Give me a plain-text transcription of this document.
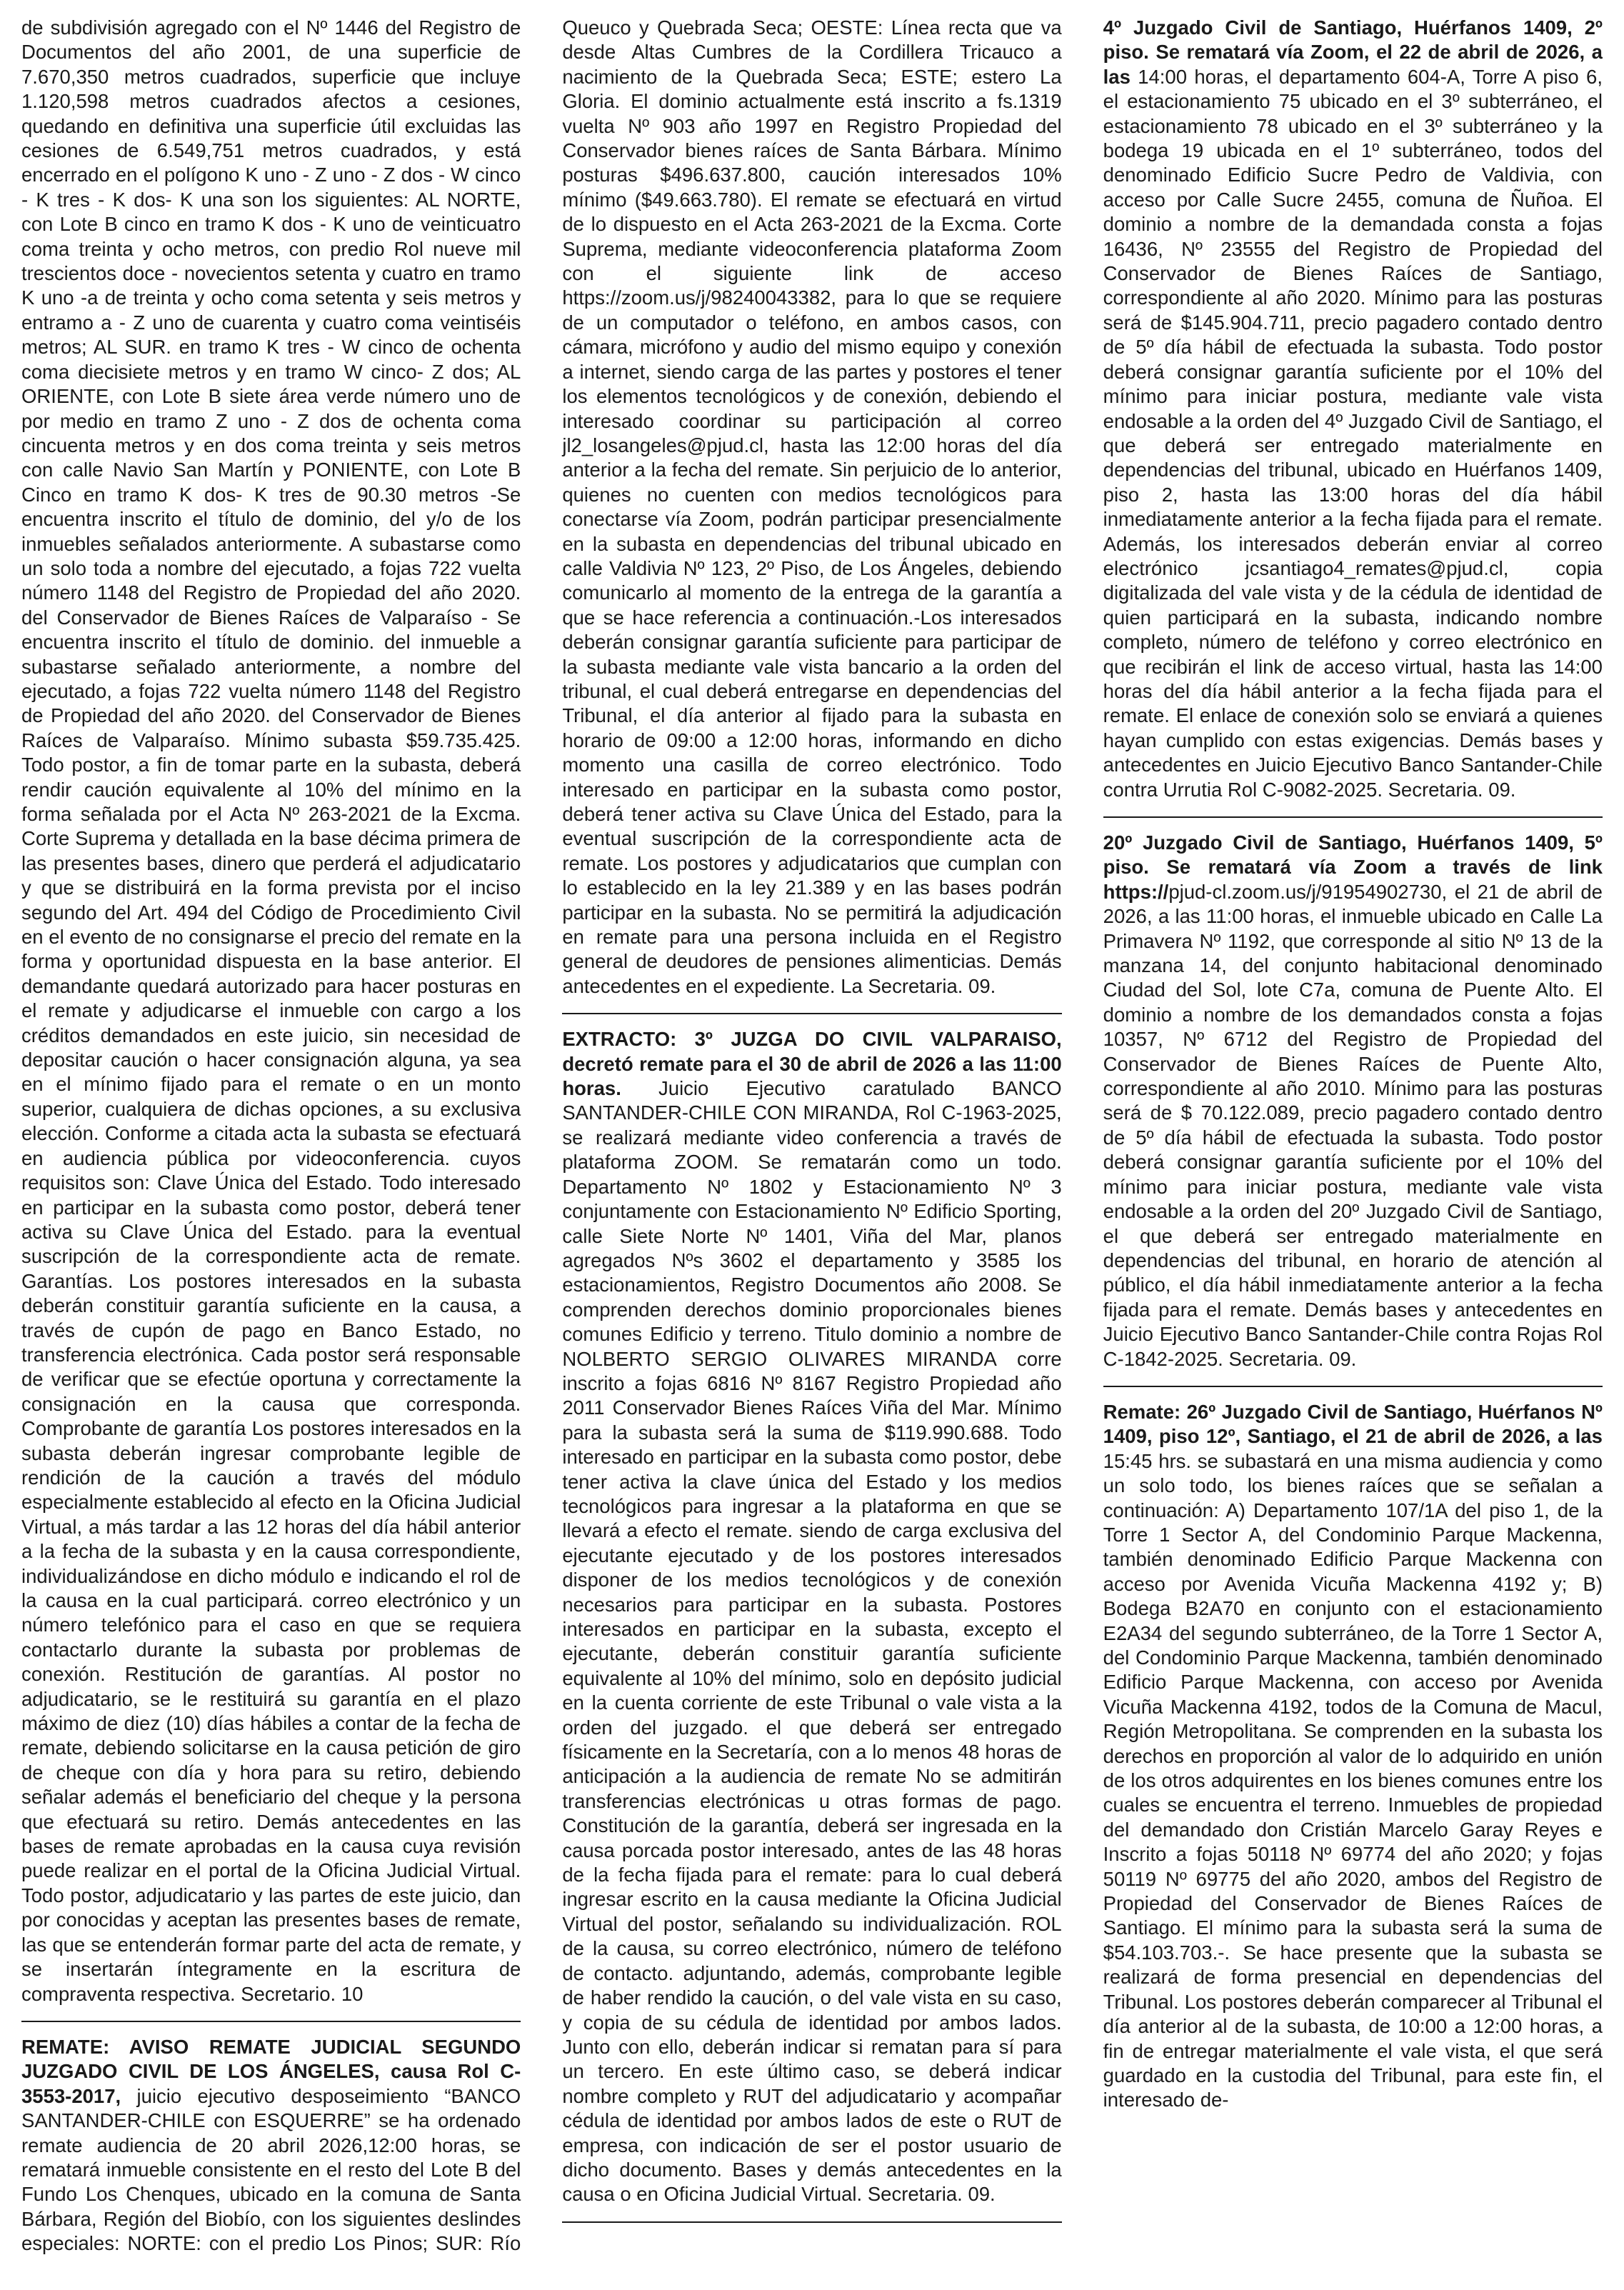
de subdivisión agregado con el Nº 1446 del Registro de Documentos del año 2001, de una superficie de 7.670,350 metros cuadrados, superficie que incluye 1.120,598 metros cuadrados afectos a cesiones, quedando en definitiva una superficie útil excluidas las cesiones de 6.549,751 metros cuadrados, y está encerrado en el polígono K uno - Z uno - Z dos - W cinco - K tres - K dos- K una son los siguientes: AL NORTE, con Lote B cinco en tramo K dos - K uno de veinticuatro coma treinta y ocho metros, con predio Rol nueve mil trescientos doce - novecientos setenta y cuatro en tramo K uno -a de treinta y ocho coma setenta y seis metros y entramo a - Z uno de cuarenta y cuatro coma veintiséis metros; AL SUR. en tramo K tres - W cinco de ochenta coma diecisiete metros y en tramo W cinco- Z dos; AL ORIENTE, con Lote B siete área verde número uno de por medio en tramo Z uno - Z dos de ochenta coma cincuenta metros y en dos coma treinta y seis metros con calle Navio San Martín y PONIENTE, con Lote B Cinco en tramo K dos- K tres de 90.30 metros -Se encuentra inscrito el título de dominio, del y/o de los inmuebles señalados anteriormente. A subastarse como un solo toda a nombre del ejecutado, a fojas 722 vuelta número 1148 del Registro de Propiedad del año 2020. del Conservador de Bienes Raíces de Valparaíso - Se encuentra inscrito el título de dominio. del inmueble a subastarse señalado anteriormente, a nombre del ejecutado, a fojas 722 vuelta número 1148 del Registro de Propiedad del año 2020. del Conservador de Bienes Raíces de Valparaíso. Mínimo subasta $59.735.425. Todo postor, a fin de tomar parte en la subasta, deberá rendir caución equivalente al 10% del mínimo en la forma señalada por el Acta Nº 263-2021 de la Excma. Corte Suprema y detallada en la base décima primera de las presentes bases, dinero que perderá el adjudicatario y que se distribuirá en la forma prevista por el inciso segundo del Art. 494 del Código de Procedimiento Civil en el evento de no consignarse el precio del remate en la forma y oportunidad dispuesta en la base anterior. El demandante quedará autorizado para hacer posturas en el remate y adjudicarse el inmueble con cargo a los créditos demandados en este juicio, sin necesidad de depositar caución o hacer consignación alguna, ya sea en el mínimo fijado para el remate o en un monto superior, cualquiera de dichas opciones, a su exclusiva elección. Conforme a citada acta la subasta se efectuará en audiencia pública por videoconferencia. cuyos requisitos son: Clave Única del Estado. Todo interesado en participar en la subasta como postor, deberá tener activa su Clave Única del Estado. para la eventual suscripción de la correspondiente acta de remate. Garantías. Los postores interesados en la subasta deberán constituir garantía suficiente en la causa, a través de cupón de pago en Banco Estado, no transferencia electrónica. Cada postor será responsable de verificar que se efectúe oportuna y correctamente la consignación en la causa que corresponda. Comprobante de garantía Los postores interesados en la subasta deberán ingresar comprobante legible de rendición de la caución a través del módulo especialmente establecido al efecto en la Oficina Judicial Virtual, a más tardar a las 12 horas del día hábil anterior a la fecha de la subasta y en la causa correspondiente, individualizándose en dicho módulo e indicando el rol de la causa en la cual participará. correo electrónico y un número telefónico para el caso en que se requiera contactarlo durante la subasta por problemas de conexión. Restitución de garantías. Al postor no adjudicatario, se le restituirá su garantía en el plazo máximo de diez (10) días hábiles a contar de la fecha de remate, debiendo solicitarse en la causa petición de giro de cheque con día y hora para su retiro, debiendo señalar además el beneficiario del cheque y la persona que efectuará su retiro. Demás antecedentes en las bases de remate aprobadas en la causa cuya revisión puede realizar en el portal de la Oficina Judicial Virtual. Todo postor, adjudicatario y las partes de este juicio, dan por conocidas y aceptan las presentes bases de remate, las que se entenderán formar parte del acta de remate, y se insertarán íntegramente en la escritura de compraventa respectiva. Secretario. 10

REMATE: AVISO REMATE JUDICIAL SEGUNDO JUZGADO CIVIL DE LOS ÁNGELES, causa Rol C-3553-2017, juicio ejecutivo desposeimiento “BANCO SANTANDER-CHILE con ESQUERRE” se ha ordenado remate audiencia de 20 abril 2026,12:00 horas, se rematará inmueble consistente en el resto del Lote B del Fundo Los Chenques, ubicado en la comuna de Santa Bárbara, Región del Biobío, con los siguientes deslindes especiales: NORTE: con el predio Los Pinos; SUR: Río Queuco y Quebrada Seca; OESTE: Línea recta que va desde Altas Cumbres de la Cordillera Tricauco a nacimiento de la Quebrada Seca; ESTE; estero La Gloria. El dominio actualmente está inscrito a fs.1319 vuelta Nº 903 año 1997 en Registro Propiedad del Conservador bienes raíces de Santa Bárbara. Mínimo posturas $496.637.800, caución interesados 10% mínimo ($49.663.780). El remate se efectuará en virtud de lo dispuesto en el Acta 263-2021 de la Excma. Corte Suprema, mediante videoconferencia plataforma Zoom con el siguiente link de acceso https://zoom.us/j/98240043382, para lo que se requiere de un computador o teléfono, en ambos casos, con cámara, micrófono y audio del mismo equipo y conexión a internet, siendo carga de las partes y postores el tener los elementos tecnológicos y de conexión, debiendo el interesado coordinar su participación al correo jl2_losangeles@pjud.cl, hasta las 12:00 horas del día anterior a la fecha del remate. Sin perjuicio de lo anterior, quienes no cuenten con medios tecnológicos para conectarse vía Zoom, podrán participar presencialmente en la subasta en dependencias del tribunal ubicado en calle Valdivia Nº 123, 2º Piso, de Los Ángeles, debiendo comunicarlo al momento de la entrega de la garantía a que se hace referencia a continuación.-Los interesados deberán consignar garantía suficiente para participar de la subasta mediante vale vista bancario a la orden del tribunal, el cual deberá entregarse en dependencias del Tribunal, el día anterior al fijado para la subasta en horario de 09:00 a 12:00 horas, informando en dicho momento una casilla de correo electrónico. Todo interesado en participar en la subasta como postor, deberá tener activa su Clave Única del Estado, para la eventual suscripción de la correspondiente acta de remate. Los postores y adjudicatarios que cumplan con lo establecido en la ley 21.389 y en las bases podrán participar en la subasta. No se permitirá la adjudicación en remate para una persona incluida en el Registro general de deudores de pensiones alimenticias. Demás antecedentes en el expediente. La Secretaria. 09.

EXTRACTO: 3º JUZGA DO CIVIL VALPARAISO, decretó remate para el 30 de abril de 2026 a las 11:00 horas. Juicio Ejecutivo caratulado BANCO SANTANDER-CHILE CON MIRANDA, Rol C-1963-2025, se realizará mediante video conferencia a través de plataforma ZOOM. Se rematarán como un todo. Departamento Nº 1802 y Estacionamiento Nº 3 conjuntamente con Estacionamiento Nº Edificio Sporting, calle Siete Norte Nº 1401, Viña del Mar, planos agregados Nºs 3602 el departamento y 3585 los estacionamientos, Registro Documentos año 2008. Se comprenden derechos dominio proporcionales bienes comunes Edificio y terreno. Titulo dominio a nombre de NOLBERTO SERGIO OLIVARES MIRANDA corre inscrito a fojas 6816 Nº 8167 Registro Propiedad año 2011 Conservador Bienes Raíces Viña del Mar. Mínimo para la subasta será la suma de $119.990.688. Todo interesado en participar en la subasta como postor, debe tener activa la clave única del Estado y los medios tecnológicos para ingresar a la plataforma en que se llevará a efecto el remate. siendo de carga exclusiva del ejecutante ejecutado y de los postores interesados disponer de los medios tecnológicos y de conexión necesarios para participar en la subasta. Postores interesados en participar en la subasta, excepto el ejecutante, deberán constituir garantía suficiente equivalente al 10% del mínimo, solo en depósito judicial en la cuenta corriente de este Tribunal o vale vista a la orden del juzgado. el que deberá ser entregado físicamente en la Secretaría, con a lo menos 48 horas de anticipación a la audiencia de remate No se admitirán transferencias electrónicas u otras formas de pago. Constitución de la garantía, deberá ser ingresada en la causa porcada postor interesado, antes de las 48 horas de la fecha fijada para el remate: para lo cual deberá ingresar escrito en la causa mediante la Oficina Judicial Virtual del postor, señalando su individualización. ROL de la causa, su correo electrónico, número de teléfono de contacto. adjuntando, además, comprobante legible de haber rendido la caución, o del vale vista en su caso, y copia de su cédula de identidad por ambos lados. Junto con ello, deberán indicar si rematan para sí para un tercero. En este último caso, se deberá indicar nombre completo y RUT del adjudicatario y acompañar cédula de identidad por ambos lados de este o RUT de empresa, con indicación de ser el postor usuario de dicho documento. Bases y demás antecedentes en la causa o en Oficina Judicial Virtual. Secretaria. 09.

4º Juzgado Civil de Santiago, Huérfanos 1409, 2º piso. Se rematará vía Zoom, el 22 de abril de 2026, a las 14:00 horas, el departamento 604-A, Torre A piso 6, el estacionamiento 75 ubicado en el 3º subterráneo, el estacionamiento 78 ubicado en el 3º subterráneo y la bodega 19 ubicada en el 1º subterráneo, todos del denominado Edificio Sucre Pedro de Valdivia, con acceso por Calle Sucre 2455, comuna de Ñuñoa. El dominio a nombre de la demandada consta a fojas 16436, Nº 23555 del Registro de Propiedad del Conservador de Bienes Raíces de Santiago, correspondiente al año 2020. Mínimo para las posturas será de $145.904.711, precio pagadero contado dentro de 5º día hábil de efectuada la subasta. Todo postor deberá consignar garantía suficiente por el 10% del mínimo para iniciar postura, mediante vale vista endosable a la orden del 4º Juzgado Civil de Santiago, el que deberá ser entregado materialmente en dependencias del tribunal, ubicado en Huérfanos 1409, piso 2, hasta las 13:00 horas del día hábil inmediatamente anterior a la fecha fijada para el remate. Además, los interesados deberán enviar al correo electrónico jcsantiago4_remates@pjud.cl, copia digitalizada del vale vista y de la cédula de identidad de quien participará en la subasta, indicando nombre completo, número de teléfono y correo electrónico en que recibirán el link de acceso virtual, hasta las 14:00 horas del día hábil anterior a la fecha fijada para el remate. El enlace de conexión solo se enviará a quienes hayan cumplido con estas exigencias. Demás bases y antecedentes en Juicio Ejecutivo Banco Santander-Chile contra Urrutia Rol C-9082-2025. Secretaria. 09.

20º Juzgado Civil de Santiago, Huérfanos 1409, 5º piso. Se rematará vía Zoom a través de link https://pjud-cl.zoom.us/j/91954902730, el 21 de abril de 2026, a las 11:00 horas, el inmueble ubicado en Calle La Primavera Nº 1192, que corresponde al sitio Nº 13 de la manzana 14, del conjunto habitacional denominado Ciudad del Sol, lote C7a, comuna de Puente Alto. El dominio a nombre de los demandados consta a fojas 10357, Nº 6712 del Registro de Propiedad del Conservador de Bienes Raíces de Puente Alto, correspondiente al año 2010. Mínimo para las posturas será de $ 70.122.089, precio pagadero contado dentro de 5º día hábil de efectuada la subasta. Todo postor deberá consignar garantía suficiente por el 10% del mínimo para iniciar postura, mediante vale vista endosable a la orden del 20º Juzgado Civil de Santiago, el que deberá ser entregado materialmente en dependencias del tribunal, en horario de atención al público, el día hábil inmediatamente anterior a la fecha fijada para el remate. Demás bases y antecedentes en Juicio Ejecutivo Banco Santander-Chile contra Rojas Rol C-1842-2025. Secretaria. 09.

Remate: 26º Juzgado Civil de Santiago, Huérfanos Nº 1409, piso 12º, Santiago, el 21 de abril de 2026, a las 15:45 hrs. se subastará en una misma audiencia y como un solo todo, los bienes raíces que se señalan a continuación: A) Departamento 107/1A del piso 1, de la Torre 1 Sector A, del Condominio Parque Mackenna, también denominado Edificio Parque Mackenna con acceso por Avenida Vicuña Mackenna 4192 y; B) Bodega B2A70 en conjunto con el estacionamiento E2A34 del segundo subterráneo, de la Torre 1 Sector A, del Condominio Parque Mackenna, también denominado Edificio Parque Mackenna, con acceso por Avenida Vicuña Mackenna 4192, todos de la Comuna de Macul, Región Metropolitana. Se comprenden en la subasta los derechos en proporción al valor de lo adquirido en unión de los otros adquirentes en los bienes comunes entre los cuales se encuentra el terreno. Inmuebles de propiedad del demandado don Cristián Marcelo Garay Reyes e Inscrito a fojas 50118 Nº 69774 del año 2020; y fojas 50119 Nº 69775 del año 2020, ambos del Registro de Propiedad del Conservador de Bienes Raíces de Santiago. El mínimo para la subasta será la suma de $54.103.703.-. Se hace presente que la subasta se realizará de forma presencial en dependencias del Tribunal. Los postores deberán comparecer al Tribunal el día anterior al de la subasta, de 10:00 a 12:00 horas, a fin de entregar materialmente el vale vista, el que será guardado en la custodia del Tribunal, para este fin, el interesado de-
